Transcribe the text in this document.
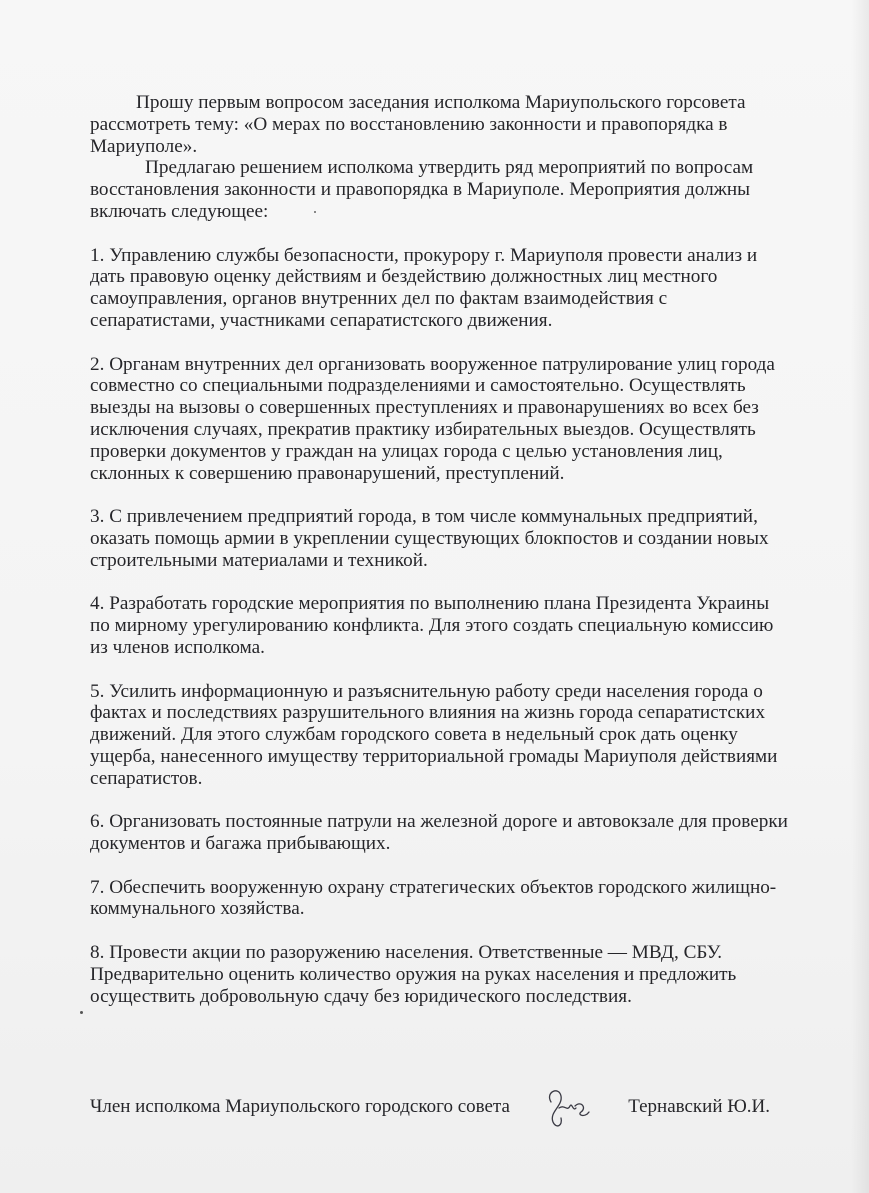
Прошу первым вопросом заседания исполкома Мариупольского горсовета рассмотреть тему: «О мерах по восстановлению законности и правопорядка в Мариуполе».

Предлагаю решением исполкома утвердить ряд мероприятий по вопросам восстановления законности и правопорядка в Мариуполе. Мероприятия должны включать следующее:

1. Управлению службы безопасности, прокурору г. Мариуполя провести анализ и дать правовую оценку действиям и бездействию должностных лиц местного самоуправления, органов внутренних дел по фактам взаимодействия с сепаратистами, участниками сепаратистского движения.

2. Органам внутренних дел организовать вооруженное патрулирование улиц города совместно со специальными подразделениями и самостоятельно. Осуществлять выезды на вызовы о совершенных преступлениях и правонарушениях во всех без исключения случаях, прекратив практику избирательных выездов. Осуществлять проверки документов у граждан на улицах города с целью установления лиц, склонных к совершению правонарушений, преступлений.

3. С привлечением предприятий города, в том числе коммунальных предприятий, оказать помощь армии в укреплении существующих блокпостов и создании новых строительными материалами и техникой.

4. Разработать городские мероприятия по выполнению плана Президента Украины по мирному урегулированию конфликта. Для этого создать специальную комиссию из членов исполкома.

5. Усилить информационную и разъяснительную работу среди населения города о фактах и последствиях разрушительного влияния на жизнь города сепаратистских движений. Для этого службам городского совета в недельный срок дать оценку ущерба, нанесенного имуществу территориальной громады Мариуполя действиями сепаратистов.

6. Организовать постоянные патрули на железной дороге и автовокзале для проверки документов и багажа прибывающих.

7. Обеспечить вооруженную охрану стратегических объектов городского жилищно-коммунального хозяйства.

8. Провести акции по разоружению населения. Ответственные — МВД, СБУ. Предварительно оценить количество оружия на руках населения и предложить осуществить добровольную сдачу без юридического последствия.

Член исполкома Мариупольского городского совета	Тернавский Ю.И.
